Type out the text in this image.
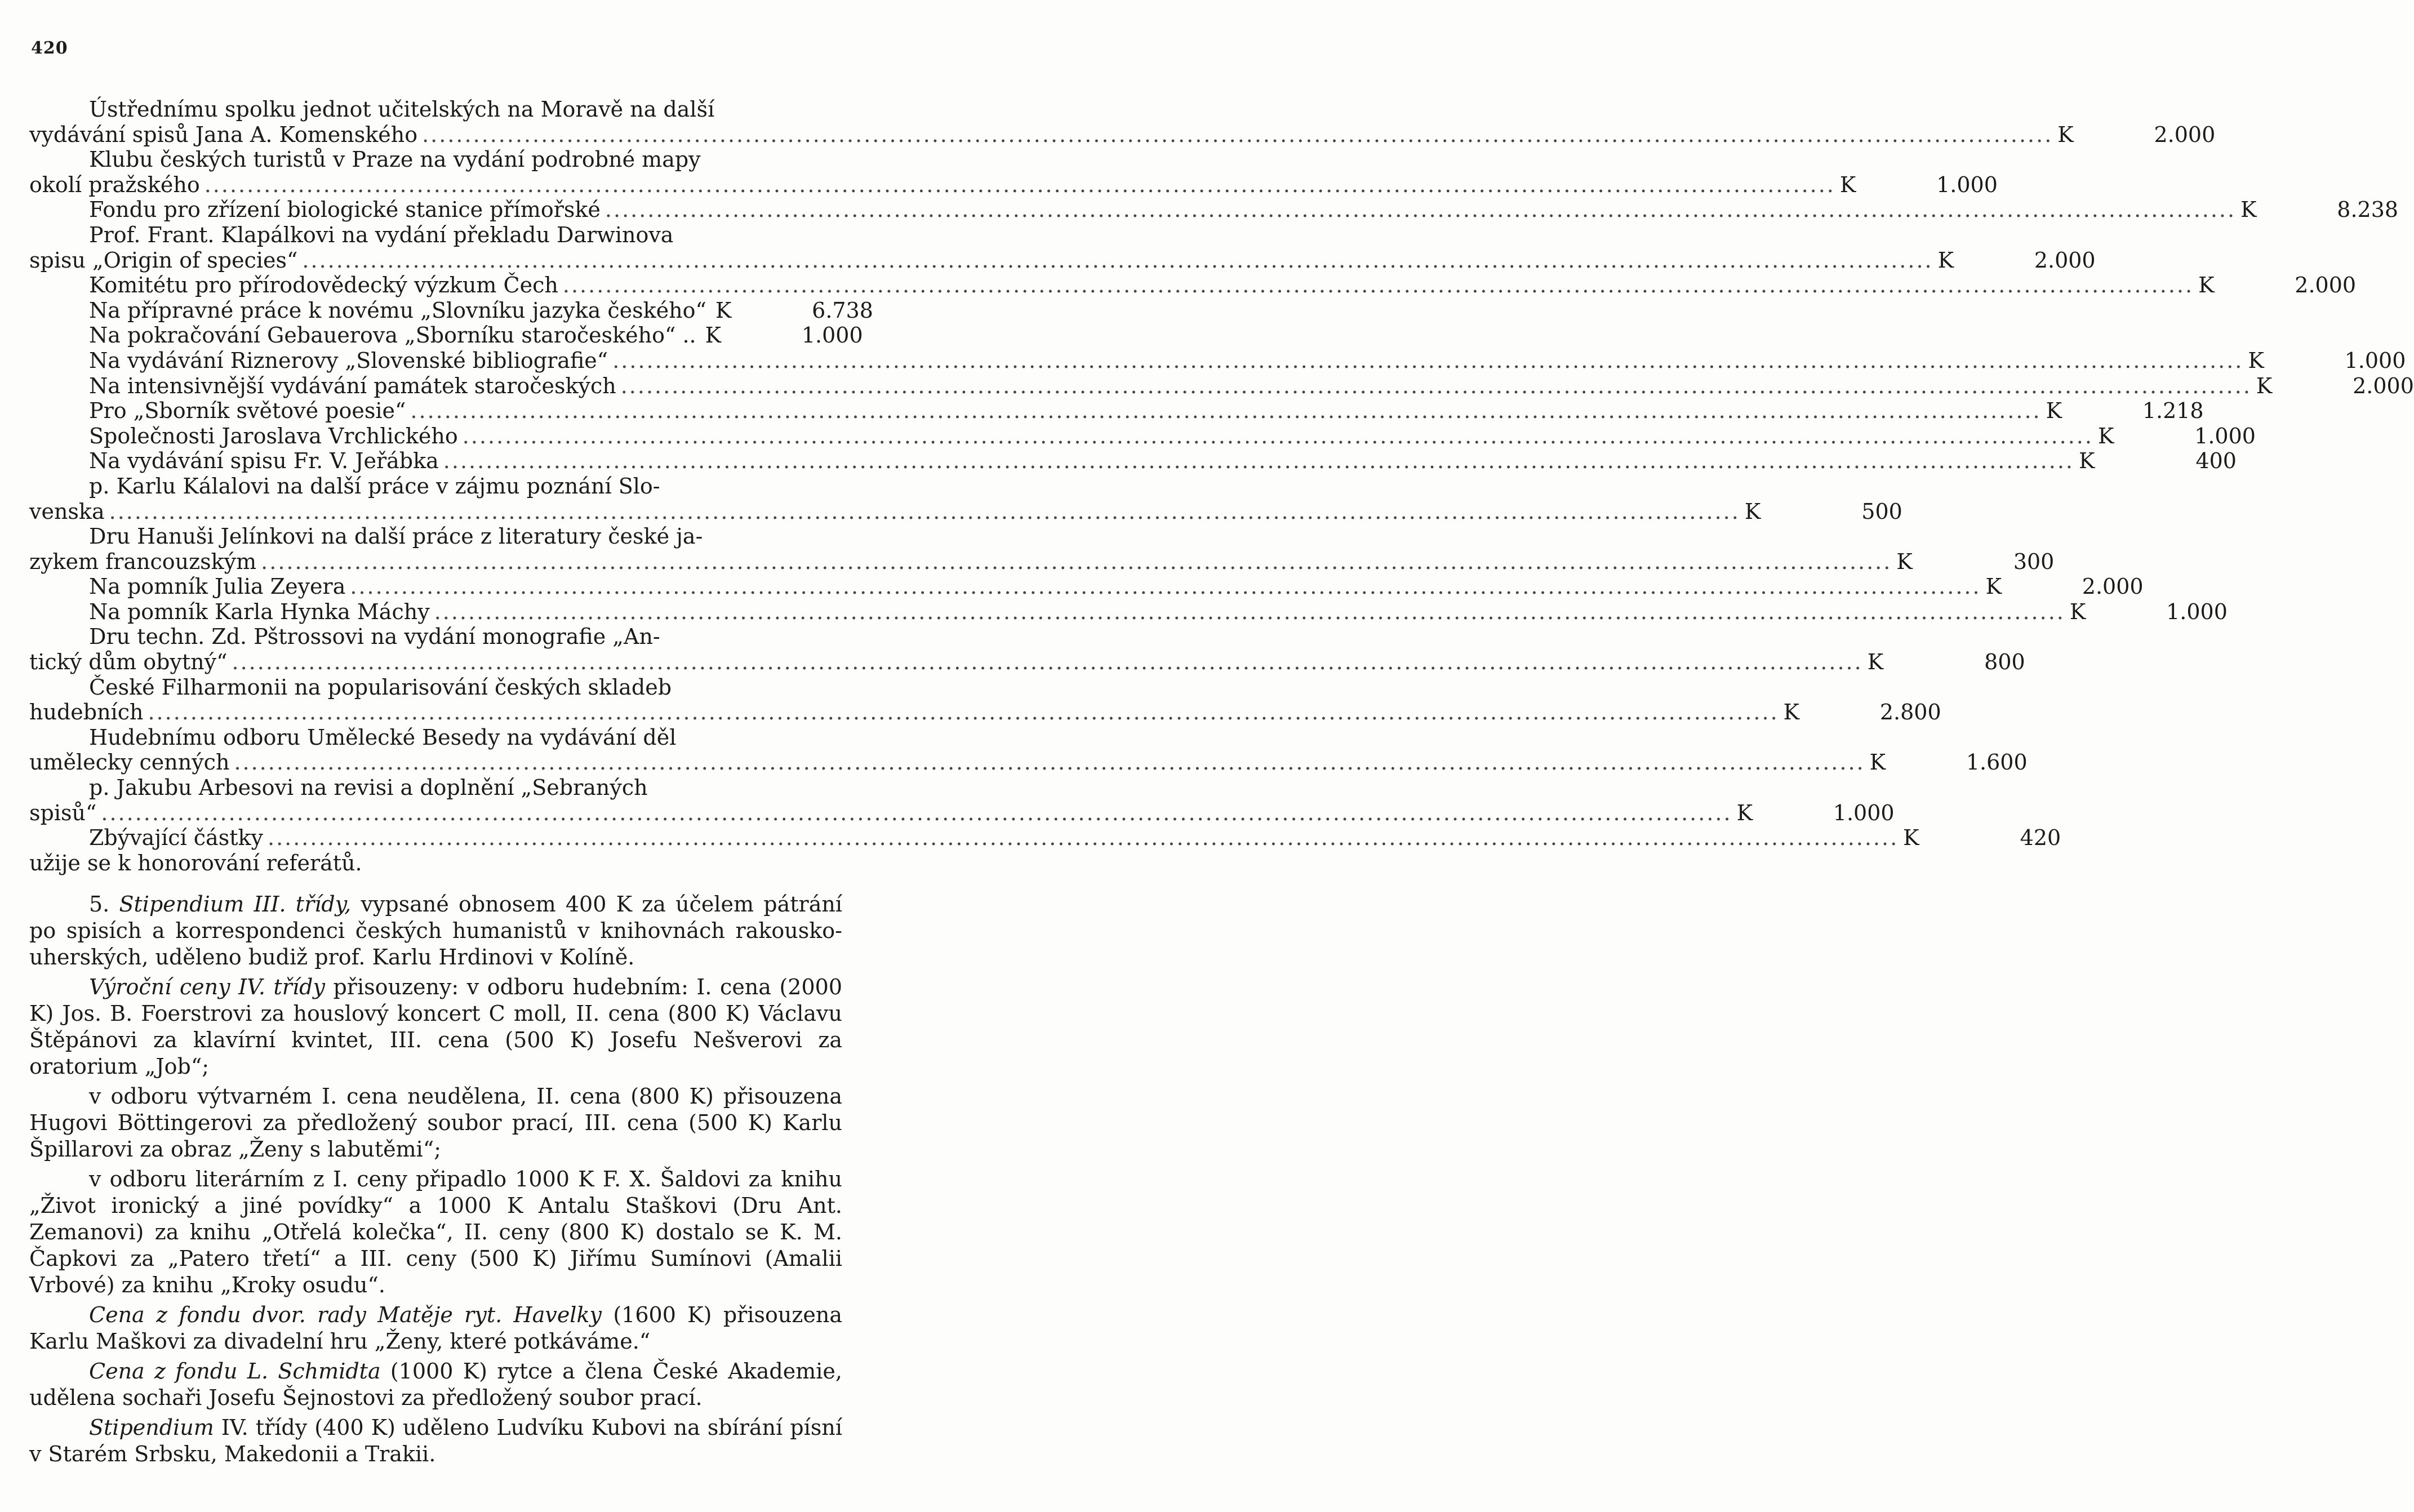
420
Ústřednímu spolku jednot učitelských na Moravě na další
vydávání spisů Jana A. Komenského .....	K	2.000
Klubu českých turistů v Praze na vydání podrobné mapy
okolí pražského .....	K	1.000
Fondu pro zřízení biologické stanice přímořské .....	K	8.238
Prof. Frant. Klapálkovi na vydání překladu Darwinova
spisu „Origin of species“ .....	K	2.000
Komitétu pro přírodovědecký výzkum Čech .....	K	2.000
Na přípravné práce k novému „Slovníku jazyka českého“ K	6.738
Na pokračování Gebauerova „Sborníku staročeského“ .. K	1.000
Na vydávání Riznerovy „Slovenské bibliografie“ .....	K	1.000
Na intensivnější vydávání památek staročeských .....	K	2.000
Pro „Sborník světové poesie“ .....	K	1.218
Společnosti Jaroslava Vrchlického .....	K	1.000
Na vydávání spisu Fr. V. Jeřábka .....	K	400
p. Karlu Kálalovi na další práce v zájmu poznání Slo-
venska .....	K	500
Dru Hanuši Jelínkovi na další práce z literatury české ja-
zykem francouzským .....	K	300
Na pomník Julia Zeyera .....	K	2.000
Na pomník Karla Hynka Máchy .....	K	1.000
Dru techn. Zd. Pštrossovi na vydání monografie „An-
tický dům obytný“ .....	K	800
České Filharmonii na popularisování českých skladeb
hudebních .....	K	2.800
Hudebnímu odboru Umělecké Besedy na vydávání děl
umělecky cenných .....	K	1.600
p. Jakubu Arbesovi na revisi a doplnění „Sebraných
spisů“ .....	K	1.000
Zbývající částky .....	K	420
užije se k honorování referátů.

5. Stipendium III. třídy, vypsané obnosem 400 K za účelem pátrání po spisích a korrespondenci českých humanistů v knihovnách rakousko-uherských, uděleno budiž prof. Karlu Hrdinovi v Kolíně.

Výroční ceny IV. třídy přisouzeny: v odboru hudebním: I. cena (2000 K) Jos. B. Foerstrovi za houslový koncert C moll, II. cena (800 K) Václavu Štěpánovi za klavírní kvintet, III. cena (500 K) Josefu Nešverovi za oratorium „Job“;

v odboru výtvarném I. cena neudělena, II. cena (800 K) přisouzena Hugovi Böttingerovi za předložený soubor prací, III. cena (500 K) Karlu Špillarovi za obraz „Ženy s labutěmi“;

v odboru literárním z I. ceny připadlo 1000 K F. X. Šaldovi za knihu „Život ironický a jiné povídky“ a 1000 K Antalu Staškovi (Dru Ant. Zemanovi) za knihu „Otřelá kolečka“, II. ceny (800 K) dostalo se K. M. Čapkovi za „Patero třetí“ a III. ceny (500 K) Jiřímu Sumínovi (Amalii Vrbové) za knihu „Kroky osudu“.

Cena z fondu dvor. rady Matěje ryt. Havelky (1600 K) přisouzena Karlu Maškovi za divadelní hru „Ženy, které potkáváme.“

Cena z fondu L. Schmidta (1000 K) rytce a člena České Akademie, udělena sochaři Josefu Šejnostovi za předložený soubor prací.

Stipendium IV. třídy (400 K) uděleno Ludvíku Kubovi na sbírání písní v Starém Srbsku, Makedonii a Trakii.
